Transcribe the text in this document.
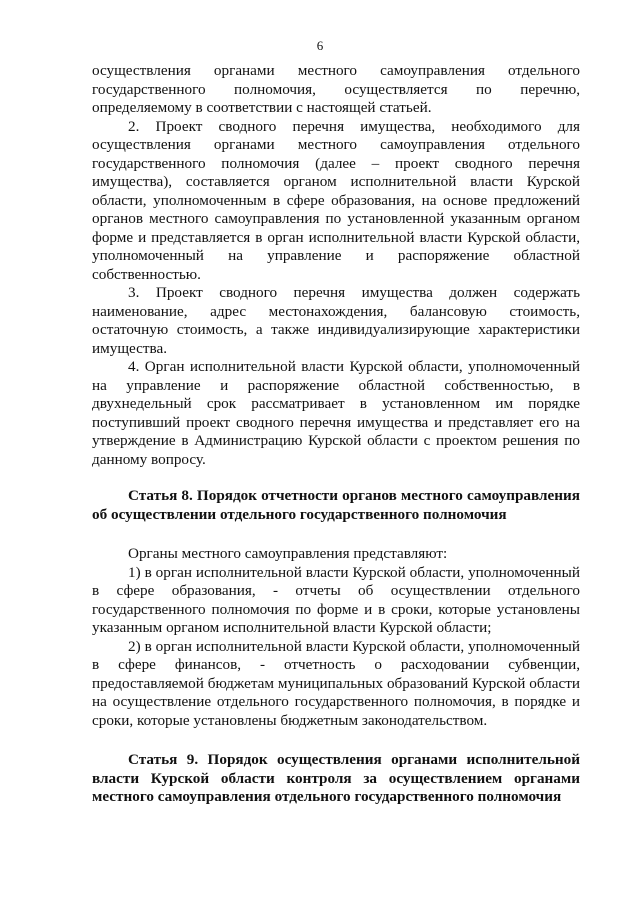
6

осуществления органами местного самоуправления отдельного государственного полномочия, осуществляется по перечню, определяемому в соответствии с настоящей статьей.

2. Проект сводного перечня имущества, необходимого для осуществления органами местного самоуправления отдельного государственного полномочия (далее – проект сводного перечня имущества), составляется органом исполнительной власти Курской области, уполномоченным в сфере образования, на основе предложений органов местного самоуправления по установленной указанным органом форме и представляется в орган исполнительной власти Курской области, уполномоченный на управление и распоряжение областной собственностью.

3. Проект сводного перечня имущества должен содержать наименование, адрес местонахождения, балансовую стоимость, остаточную стоимость, а также индивидуализирующие характеристики имущества.

4. Орган исполнительной власти Курской области, уполномоченный на управление и распоряжение областной собственностью, в двухнедельный срок рассматривает в установленном им порядке поступивший проект сводного перечня имущества и представляет его на утверждение в Администрацию Курской области с проектом решения по данному вопросу.

Статья 8. Порядок отчетности органов местного самоуправления об осуществлении отдельного государственного полномочия

Органы местного самоуправления представляют:

1) в орган исполнительной власти Курской области, уполномоченный в сфере образования, - отчеты об осуществлении отдельного государственного полномочия по форме и в сроки, которые установлены указанным органом исполнительной власти Курской области;

2) в орган исполнительной власти Курской области, уполномоченный в сфере финансов, - отчетность о расходовании субвенции, предоставляемой бюджетам муниципальных образований Курской области на осуществление отдельного государственного полномочия, в порядке и сроки, которые установлены бюджетным законодательством.

Статья 9. Порядок осуществления органами исполнительной власти Курской области контроля за осуществлением органами местного самоуправления отдельного государственного полномочия
